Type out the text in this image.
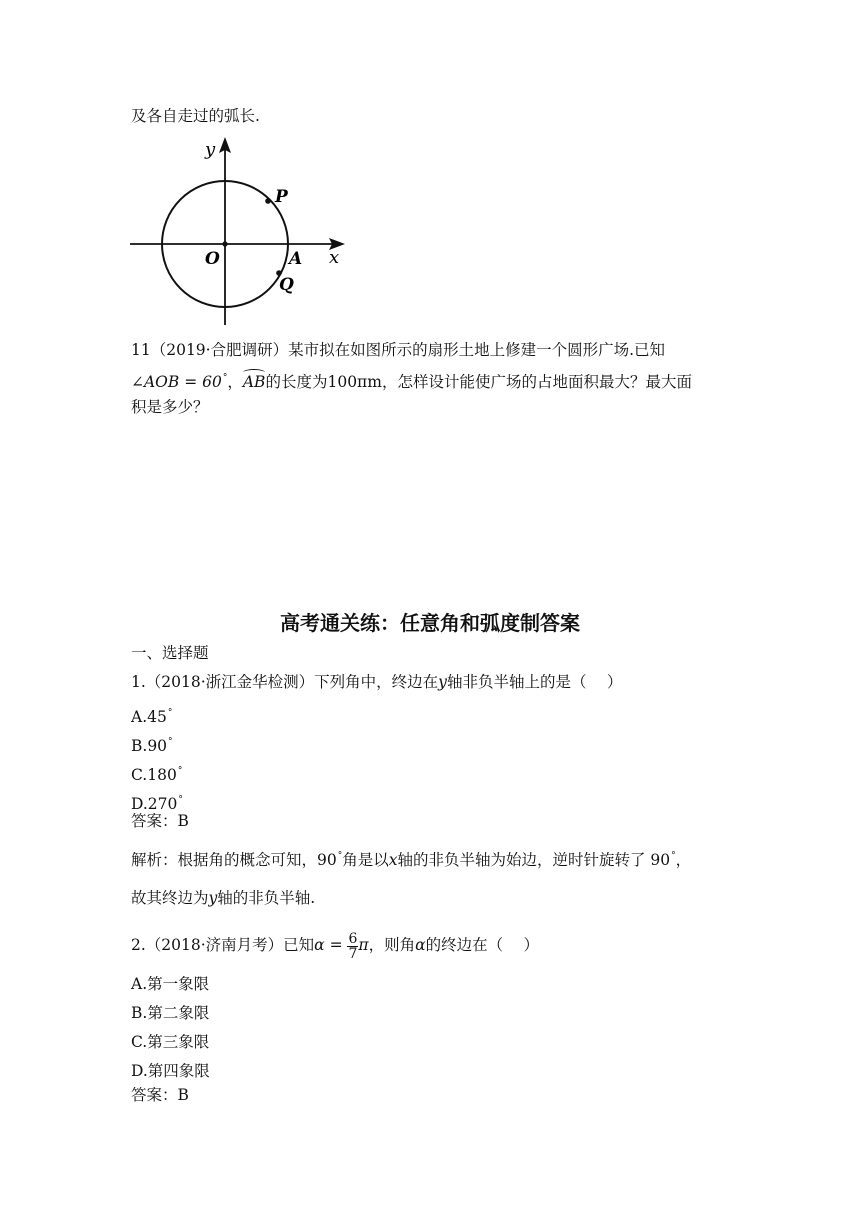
及各自走过的弧长.
y
x
O	A
P
Q
11（2019·合肥调研）某市拟在如图所示的扇形土地上修建一个圆形广场.已知
∠AOB = 60°，AB的长度为100πm，怎样设计能使广场的占地面积最大？最大面
积是多少？
高考通关练：任意角和弧度制答案
一、选择题
1.（2018·浙江金华检测）下列角中，终边在y轴非负半轴上的是（　 ）
A.45°
B.90°
C.180°
D.270°
答案：B
解析：根据角的概念可知，90°角是以x轴的非负半轴为始边，逆时针旋转了 90°，
故其终边为y轴的非负半轴.
2.（2018·济南月考）已知$\alpha = \frac{6}{7}$ π，则角α的终边在（　 ）
A.第一象限
B.第二象限
C.第三象限
D.第四象限
答案：B
